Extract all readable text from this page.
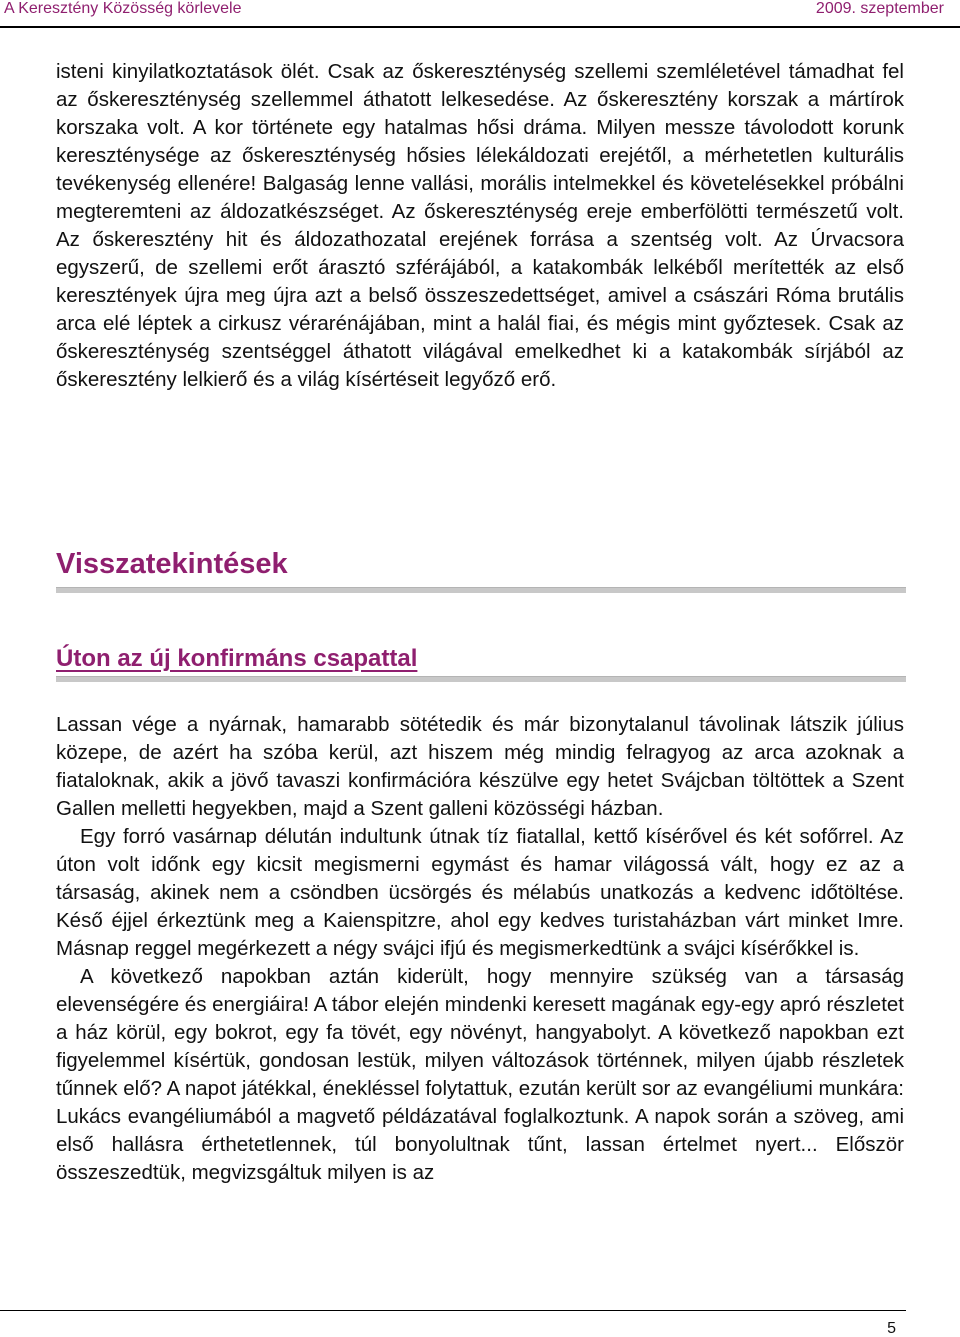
A Keresztény Közösség körlevele	2009. szeptember

isteni kinyilatkoztatások ölét. Csak az őskereszténység szellemi szemléletével támadhat fel az őskereszténység szellemmel áthatott lelkesedése. Az őskeresztény korszak a mártírok korszaka volt. A kor története egy hatalmas hősi dráma. Milyen messze távolodott korunk kereszténysége az őskereszténység hősies lélekáldozati erejétől, a mérhetetlen kulturális tevékenység ellenére! Balgaság lenne vallási, morális intelmekkel és követelésekkel próbálni megteremteni az áldozatkészséget. Az őskereszténység ereje emberfölötti természetű volt. Az őskeresztény hit és áldozathozatal erejének forrása a szentség volt. Az Úrvacsora egyszerű, de szellemi erőt árasztó szférájából, a katakombák lelkéből merítették az első keresztények újra meg újra azt a belső összeszedettséget, amivel a császári Róma brutális arca elé léptek a cirkusz vérarénájában, mint a halál fiai, és mégis mint győztesek. Csak az őskereszténység szentséggel áthatott világával emelkedhet ki a katakombák sírjából az őskeresztény lelkierő és a világ kísértéseit legyőző erő.

Visszatekintések
Úton az új konfirmáns csapattal

Lassan vége a nyárnak, hamarabb sötétedik és már bizonytalanul távolinak látszik július közepe, de azért ha szóba kerül, azt hiszem még mindig felragyog az arca azoknak a fiataloknak, akik a jövő tavaszi konfirmációra készülve egy hetet Svájcban töltöttek a Szent Gallen melletti hegyekben, majd a Szent galleni közösségi házban.

Egy forró vasárnap délután indultunk útnak tíz fiatallal, kettő kísérővel és két sofőrrel. Az úton volt időnk egy kicsit megismerni egymást és hamar világossá vált, hogy ez az a társaság, akinek nem a csöndben ücsörgés és mélabús unatkozás a kedvenc időtöltése. Késő éjjel érkeztünk meg a Kaienspitzre, ahol egy kedves turistaházban várt minket Imre. Másnap reggel megérkezett a négy svájci ifjú és megismerkedtünk a svájci kísérőkkel is.

A következő napokban aztán kiderült, hogy mennyire szükség van a társaság elevenségére és energiáira! A tábor elején mindenki keresett magának egy-egy apró részletet a ház körül, egy bokrot, egy fa tövét, egy növényt, hangyabolyt. A következő napokban ezt figyelemmel kísértük, gondosan lestük, milyen változások történnek, milyen újabb részletek tűnnek elő? A napot játékkal, énekléssel folytattuk, ezután került sor az evangéliumi munkára: Lukács evangéliumából a magvető példázatával foglalkoztunk. A napok során a szöveg, ami első hallásra érthetetlennek, túl bonyolultnak tűnt, lassan értelmet nyert... Először összeszedtük, megvizsgáltuk milyen is az

5
